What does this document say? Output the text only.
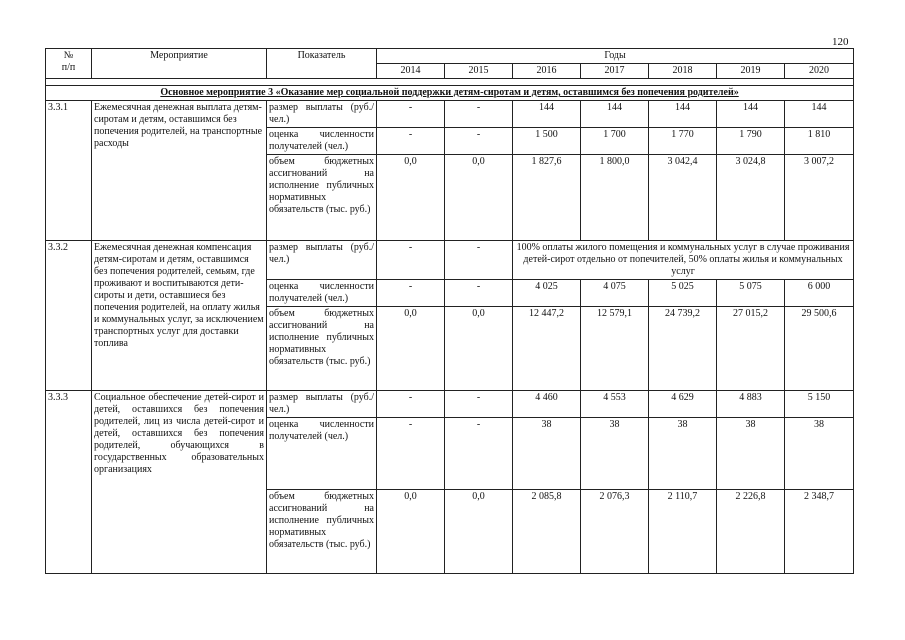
120
№
п/п	Мероприятие	Показатель	Годы						
			2014	2015	2016	2017	2018	2019	2020

Основное мероприятие 3 «Оказание мер социальной поддержки детям-сиротам и детям, оставшимся без попечения родителей»									
3.3.1	Ежемесячная денежная выплата детям-сиротам и детям, оставшимся без попечения родителей, на транспортные расходы	размер выплаты (руб./ чел.)	-	-	144	144	144	144	144
		оценка численности получателей (чел.)	-	-	1 500	1 700	1 770	1 790	1 810
		объем бюджетных ассигнований на исполнение публичных нормативных обязательств (тыс. руб.)	0,0	0,0	1 827,6	1 800,0	3 042,4	3 024,8	3 007,2
3.3.2	Ежемесячная денежная компенсация детям-сиротам и детям, оставшимся без попечения родителей, семьям, где проживают и воспитываются дети-сироты и дети, оставшиеся без попечения родителей, на оплату жилья и коммунальных услуг, за исключением транспортных услуг для доставки топлива	размер выплаты (руб./ чел.)	-	-	100% оплаты жилого помещения и коммунальных услуг в случае проживания детей-сирот отдельно от попечителей, 50% оплаты жилья и коммунальных услуг				
		оценка численности получателей (чел.)	-	-	4 025	4 075	5 025	5 075	6 000
		объем бюджетных ассигнований на исполнение публичных нормативных обязательств (тыс. руб.)	0,0	0,0	12 447,2	12 579,1	24 739,2	27 015,2	29 500,6
3.3.3	Социальное обеспечение детей-сирот и детей, оставшихся без попечения родителей, лиц из числа детей-сирот и детей, оставшихся без попечения родителей, обучающихся в государственных образовательных организациях	размер выплаты (руб./ чел.)	-	-	4 460	4 553	4 629	4 883	5 150
		оценка численности получателей (чел.)	-	-	38	38	38	38	38
		объем бюджетных ассигнований на исполнение публичных нормативных обязательств (тыс. руб.)	0,0	0,0	2 085,8	2 076,3	2 110,7	2 226,8	2 348,7
